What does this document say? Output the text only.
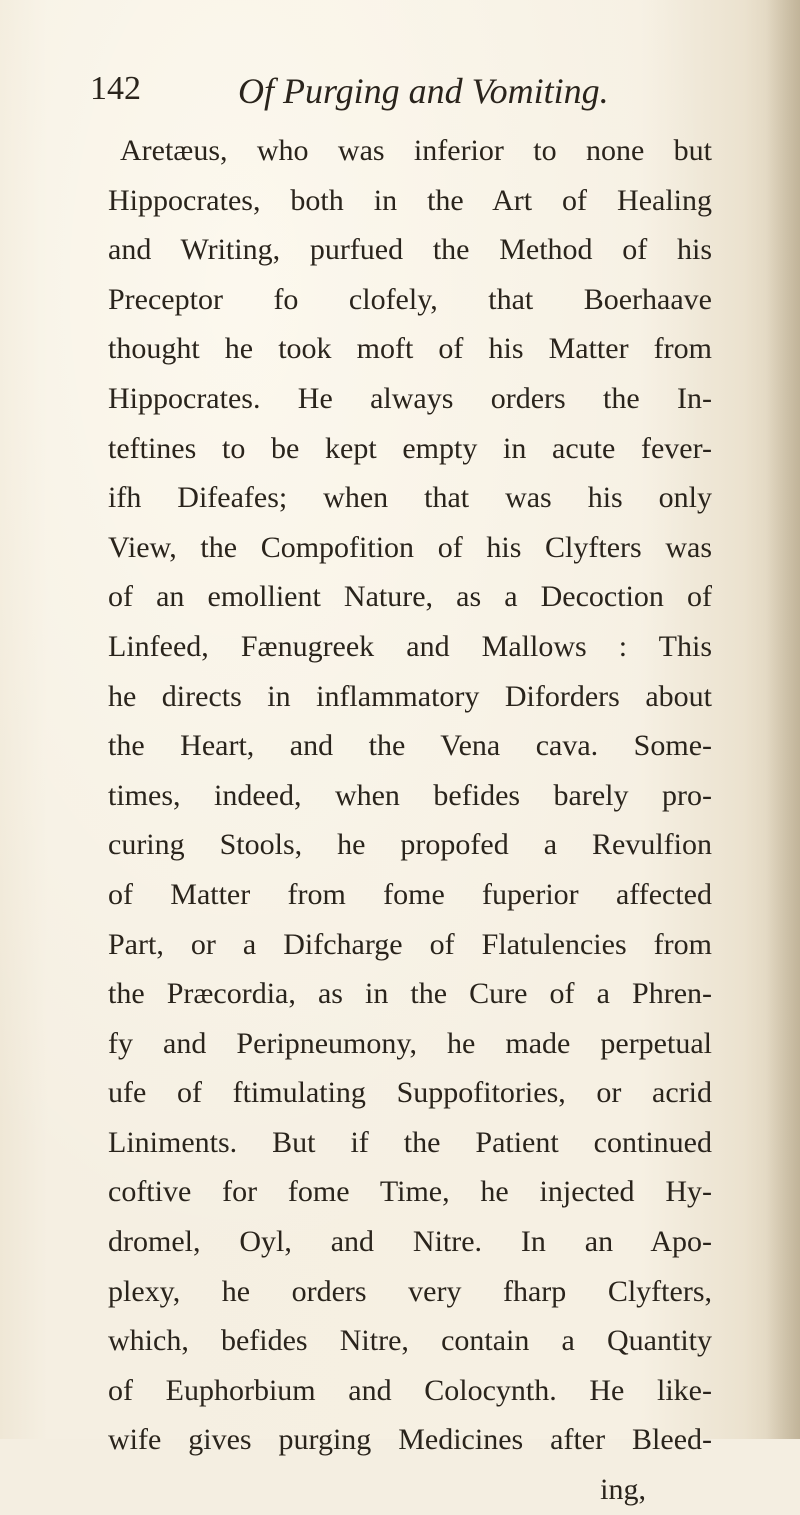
142	Of Purging and Vomiting.
Aretæus, who was inferior to none but
Hippocrates, both in the Art of Healing
and Writing, purfued the Method of his
Preceptor fo clofely, that Boerhaave
thought he took moft of his Matter from
Hippocrates. He always orders the In-
teftines to be kept empty in acute fever-
ifh Difeafes; when that was his only
View, the Compofition of his Clyfters was
of an emollient Nature, as a Decoction of
Linfeed, Fænugreek and Mallows : This
he directs in inflammatory Diforders about
the Heart, and the Vena cava. Some-
times, indeed, when befides barely pro-
curing Stools, he propofed a Revulfion
of Matter from fome fuperior affected
Part, or a Difcharge of Flatulencies from
the Præcordia, as in the Cure of a Phren-
fy and Peripneumony, he made perpetual
ufe of ftimulating Suppofitories, or acrid
Liniments. But if the Patient continued
coftive for fome Time, he injected Hy-
dromel, Oyl, and Nitre. In an Apo-
plexy, he orders very fharp Clyfters,
which, befides Nitre, contain a Quantity
of Euphorbium and Colocynth. He like-
wife gives purging Medicines after Bleed-
ing,
